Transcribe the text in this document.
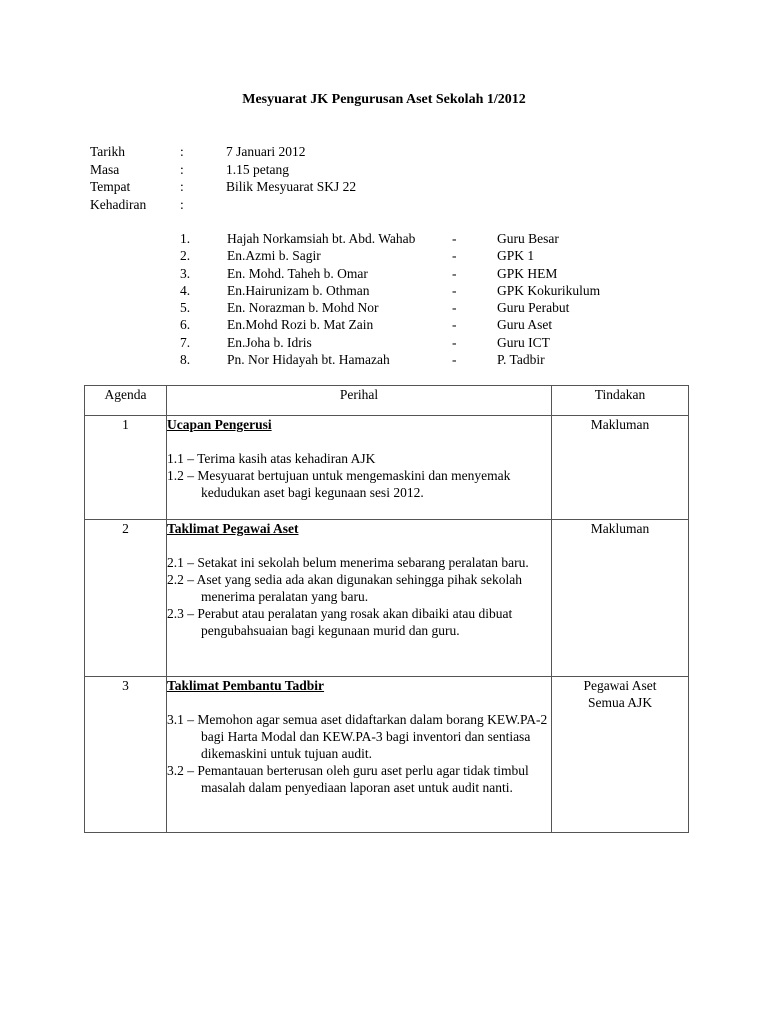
Mesyuarat JK Pengurusan Aset Sekolah 1/2012
Tarikh	:	7 Januari 2012
Masa	:	1.15 petang
Tempat	:	Bilik Mesyuarat SKJ 22
Kehadiran	:
1.	Hajah Norkamsiah bt. Abd. Wahab	-	Guru Besar
2.	En.Azmi b. Sagir	-	GPK 1
3.	En. Mohd. Taheh b. Omar	-	GPK HEM
4.	En.Hairunizam b. Othman	-	GPK Kokurikulum
5.	En. Norazman b. Mohd Nor	-	Guru Perabut
6.	En.Mohd Rozi b. Mat Zain	-	Guru Aset
7.	En.Joha b. Idris	-	Guru ICT
8.	Pn. Nor Hidayah bt. Hamazah	-	P. Tadbir
Agenda	Perihal	Tindakan
1	Ucapan Pengerusi
1.1 – Terima kasih atas kehadiran AJK
1.2 – Mesyuarat bertujuan untuk mengemaskini dan menyemak kedudukan aset bagi kegunaan sesi 2012.	Makluman
2	Taklimat Pegawai Aset
2.1 – Setakat ini sekolah belum menerima sebarang peralatan baru.
2.2 – Aset yang sedia ada akan digunakan sehingga pihak sekolah menerima peralatan yang baru.
2.3 – Perabut atau peralatan yang rosak akan dibaiki atau dibuat pengubahsuaian bagi kegunaan murid dan guru.	Makluman
3	Taklimat Pembantu Tadbir
3.1 – Memohon agar semua aset didaftarkan dalam borang KEW.PA-2 bagi Harta Modal dan KEW.PA-3 bagi inventori dan sentiasa dikemaskini untuk tujuan audit.
3.2 – Pemantauan berterusan oleh guru aset perlu agar tidak timbul masalah dalam penyediaan laporan aset untuk audit nanti.	Pegawai Aset Semua AJK
